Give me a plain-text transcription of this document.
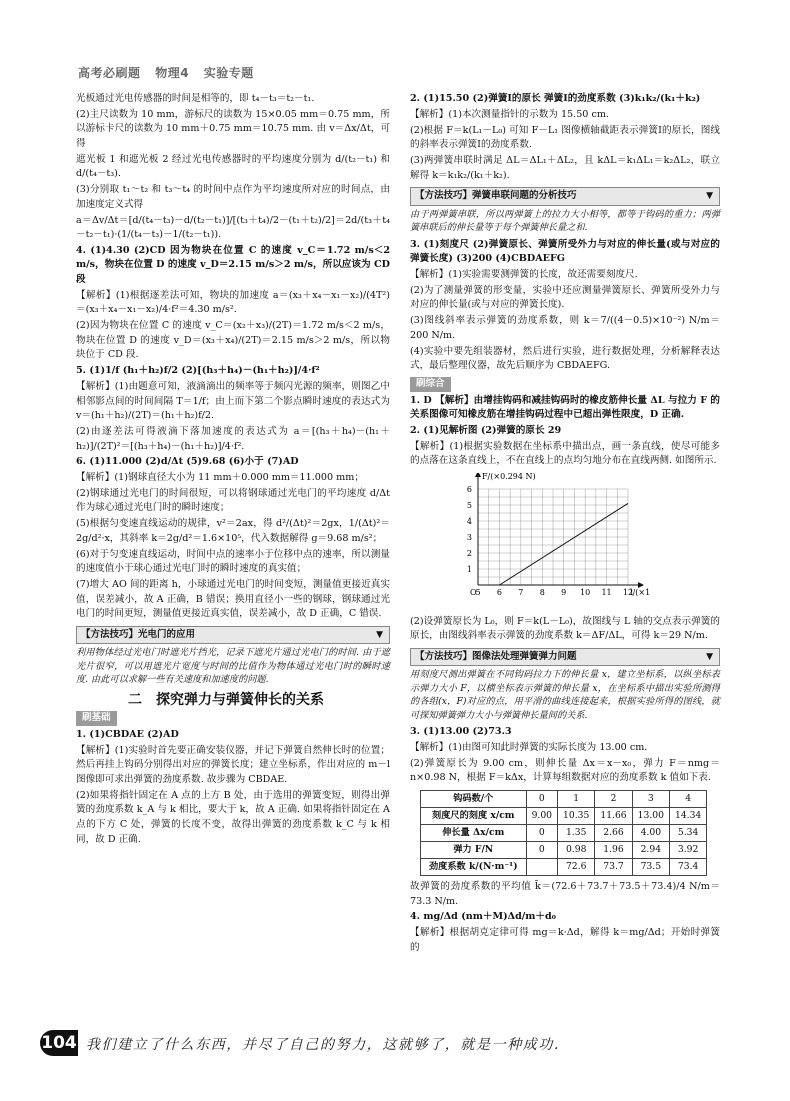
高考必刷题 物理4 实验专题

光板通过光电传感器的时间是相等的，即 t₄－t₃＝t₂－t₁.

(2)主尺读数为 10 mm，游标尺的读数为 15×0.05 mm＝0.75 mm，所以游标卡尺的读数为 10 mm＋0.75 mm＝10.75 mm. 由 v＝Δx/Δt，可得

遮光板 1 和遮光板 2 经过光电传感器时的平均速度分别为 d/(t₂－t₁) 和 d/(t₄－t₃).

(3)分别取 t₁～t₂ 和 t₃～t₄ 的时间中点作为平均速度所对应的时间点，由加速度定义式得

a＝Δv/Δt＝[d/(t₄－t₃)－d/(t₂－t₁)]/[(t₃＋t₄)/2－(t₁＋t₂)/2]＝2d/(t₃＋t₄－t₂－t₁)·(1/(t₄－t₃)－1/(t₂－t₁)).

4. (1)4.30 (2)CD 因为物块在位置 C 的速度 v_C＝1.72 m/s＜2 m/s，物块在位置 D 的速度 v_D＝2.15 m/s＞2 m/s，所以应该为 CD 段

【解析】(1)根据逐差法可知，物块的加速度 a＝(x₃＋x₄－x₁－x₂)/(4T²)＝(x₃＋x₄－x₁－x₂)/4·f²＝4.30 m/s².

(2)因为物块在位置 C 的速度 v_C＝(x₂＋x₃)/(2T)＝1.72 m/s＜2 m/s，物块在位置 D 的速度 v_D＝(x₃＋x₄)/(2T)＝2.15 m/s＞2 m/s，所以物块位于 CD 段.

5. (1)1/f (h₁＋h₂)f/2 (2)[(h₃＋h₄)－(h₁＋h₂)]/4·f²

【解析】(1)由题意可知，液滴滴出的频率等于频闪光源的频率，则图乙中相邻影点间的时间间隔 T＝1/f；由上而下第二个影点瞬时速度的表达式为 v＝(h₁＋h₂)/(2T)＝(h₁＋h₂)f/2.

(2)由逐差法可得液滴下落加速度的表达式为 a＝[(h₃＋h₄)－(h₁＋h₂)]/(2T)²＝[(h₃＋h₄)－(h₁＋h₂)]/4·f².

6. (1)11.000 (2)d/Δt (5)9.68 (6)小于 (7)AD

【解析】(1)钢球直径大小为 11 mm＋0.000 mm＝11.000 mm；

(2)钢球通过光电门的时间很短，可以将钢球通过光电门的平均速度 d/Δt 作为球心通过光电门时的瞬时速度；

(5)根据匀变速直线运动的规律，v²＝2ax，得 d²/(Δt)²＝2gx，1/(Δt)²＝2g/d²·x，其斜率 k＝2g/d²＝1.6×10⁵，代入数据解得 g＝9.68 m/s²；

(6)对于匀变速直线运动，时间中点的速率小于位移中点的速率，所以测量的速度值小于球心通过光电门时的瞬时速度的真实值；

(7)增大 AO 间的距离 h，小球通过光电门的时间变短，测量值更接近真实值，误差减小，故 A 正确，B 错误；换用直径小一些的钢球，钢球通过光电门的时间更短，测量值更接近真实值，误差减小，故 D 正确，C 错误.

【方法技巧】光电门的应用	▼

利用物体经过光电门时遮光片挡光，记录下遮光片通过光电门的时间. 由于遮光片很窄，可以用遮光片宽度与时间的比值作为物体通过光电门时的瞬时速度. 由此可以求解一些有关速度和加速度的问题.

二 探究弹力与弹簧伸长的关系
刷基础

1. (1)CBDAE (2)AD

【解析】(1)实验时首先要正确安装仪器，并记下弹簧自然伸长时的位置；然后再挂上钩码分别得出对应的弹簧长度；建立坐标系，作出对应的 m－l 图像即可求出弹簧的劲度系数. 故步骤为 CBDAE.

(2)如果将指针固定在 A 点的上方 B 处，由于选用的弹簧变短，则得出弹簧的劲度系数 k_A 与 k 相比，要大于 k，故 A 正确. 如果将指针固定在 A 点的下方 C 处，弹簧的长度不变，故得出弹簧的劲度系数 k_C 与 k 相同，故 D 正确.

2. (1)15.50 (2)弹簧Ⅰ的原长 弹簧Ⅰ的劲度系数 (3)k₁k₂/(k₁＋k₂)

【解析】(1)本次测量指针的示数为 15.50 cm.

(2)根据 F＝k(L₁－L₀) 可知 F－L₁ 图像横轴截距表示弹簧Ⅰ的原长，图线的斜率表示弹簧Ⅰ的劲度系数.

(3)两弹簧串联时满足 ΔL＝ΔL₁＋ΔL₂，且 kΔL＝k₁ΔL₁＝k₂ΔL₂，联立解得 k＝k₁k₂/(k₁＋k₂).

【方法技巧】弹簧串联问题的分析技巧	▼

由于两弹簧串联，所以两弹簧上的拉力大小相等，都等于钩码的重力；两弹簧串联后的伸长量等于每个弹簧伸长量之和.

3. (1)刻度尺 (2)弹簧原长、弹簧所受外力与对应的伸长量(或与对应的弹簧长度) (3)200 (4)CBDAEFG

【解析】(1)实验需要测弹簧的长度，故还需要刻度尺.

(2)为了测量弹簧的形变量，实验中还应测量弹簧原长、弹簧所受外力与对应的伸长量(或与对应的弹簧长度).

(3)图线斜率表示弹簧的劲度系数，则 k＝7/((4－0.5)×10⁻²) N/m＝200 N/m.

(4)实验中要先组装器材，然后进行实验，进行数据处理，分析解释表达式，最后整理仪器，故先后顺序为 CBDAEFG.

刷综合

1. D 【解析】由增挂钩码和减挂钩码时的橡皮筋伸长量 ΔL 与拉力 F 的关系图像可知橡皮筋在增挂钩码过程中已超出弹性限度，D 正确.

2. (1)见解析图 (2)弹簧的原长 29

【解析】(1)根据实验数据在坐标系中描出点，画一条直线，使尽可能多的点落在这条直线上，不在直线上的点均匀地分布在直线两侧. 如图所示.

5 6 7 8 9 10 11 12
1
2
3
4
5
6
O
F/(×0.294 N)
l/(×1

(2)设弹簧原长为 L₀，则 F＝k(L－L₀)，故图线与 L 轴的交点表示弹簧的原长，由图线斜率表示弹簧的劲度系数 k＝ΔF/ΔL，可得 k＝29 N/m.

【方法技巧】图像法处理弹簧弹力问题	▼

用刻度尺测出弹簧在不同钩码拉力下的伸长量 x，建立坐标系，以纵坐标表示弹力大小 F，以横坐标表示弹簧的伸长量 x，在坐标系中描出实验所测得的各组(x，F)对应的点，用平滑的曲线连接起来，根据实验所得的图线，就可探知弹簧弹力大小与弹簧伸长量间的关系.

3. (1)13.00 (2)73.3

【解析】(1)由图可知此时弹簧的实际长度为 13.00 cm.

(2)弹簧原长为 9.00 cm，则伸长量 Δx＝x－x₀，弹力 F＝nmg＝n×0.98 N，根据 F＝kΔx，计算每组数据对应的劲度系数 k 值如下表.

钩码数/个	0	1	2	3	4
刻度尺的刻度 x/cm	9.00	10.35	11.66	13.00	14.34
伸长量 Δx/cm	0	1.35	2.66	4.00	5.34
弹力 F/N	0	0.98	1.96	2.94	3.92
劲度系数 k/(N·m⁻¹)		72.6	73.7	73.5	73.4

故弹簧的劲度系数的平均值 k̄＝(72.6＋73.7＋73.5＋73.4)/4 N/m＝73.3 N/m.

4. mg/Δd (nm＋M)Δd/m＋d₀

【解析】根据胡克定律可得 mg＝k·Δd，解得 k＝mg/Δd；开始时弹簧的

104 我们建立了什么东西，并尽了自己的努力，这就够了，就是一种成功.
